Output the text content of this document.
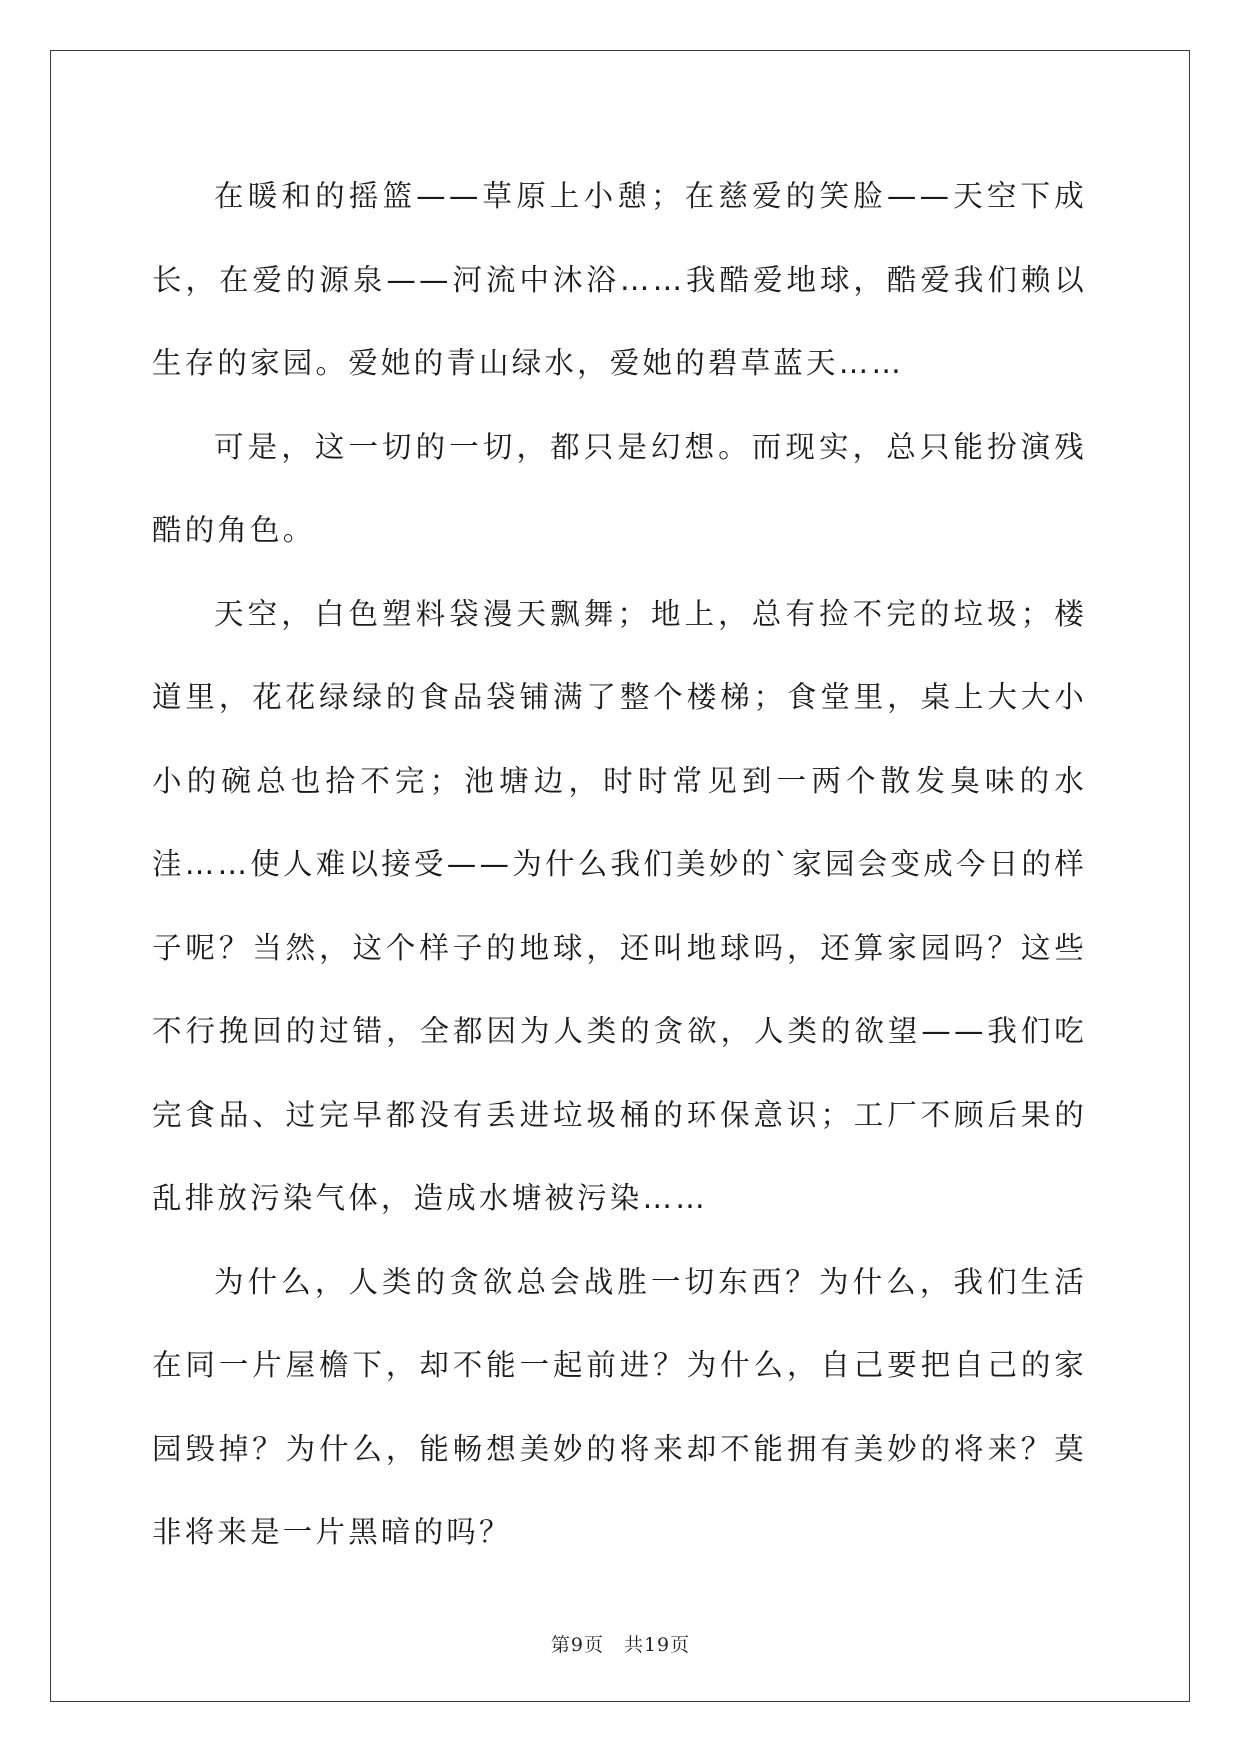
在暖和的摇篮——草原上小憩；在慈爱的笑脸——天空下成长，在爱的源泉——河流中沐浴……我酷爱地球，酷爱我们赖以生存的家园。爱她的青山绿水，爱她的碧草蓝天……

可是，这一切的一切，都只是幻想。而现实，总只能扮演残酷的角色。

天空，白色塑料袋漫天飘舞；地上，总有捡不完的垃圾；楼道里，花花绿绿的食品袋铺满了整个楼梯；食堂里，桌上大大小小的碗总也拾不完；池塘边，时时常见到一两个散发臭味的水洼……使人难以接受——为什么我们美妙的`家园会变成今日的样子呢？当然，这个样子的地球，还叫地球吗，还算家园吗？这些不行挽回的过错，全都因为人类的贪欲，人类的欲望——我们吃完食品、过完早都没有丢进垃圾桶的环保意识；工厂不顾后果的乱排放污染气体，造成水塘被污染……

为什么，人类的贪欲总会战胜一切东西？为什么，我们生活在同一片屋檐下，却不能一起前进？为什么，自己要把自己的家园毁掉？为什么，能畅想美妙的将来却不能拥有美妙的将来？莫非将来是一片黑暗的吗？

第9页　共19页
